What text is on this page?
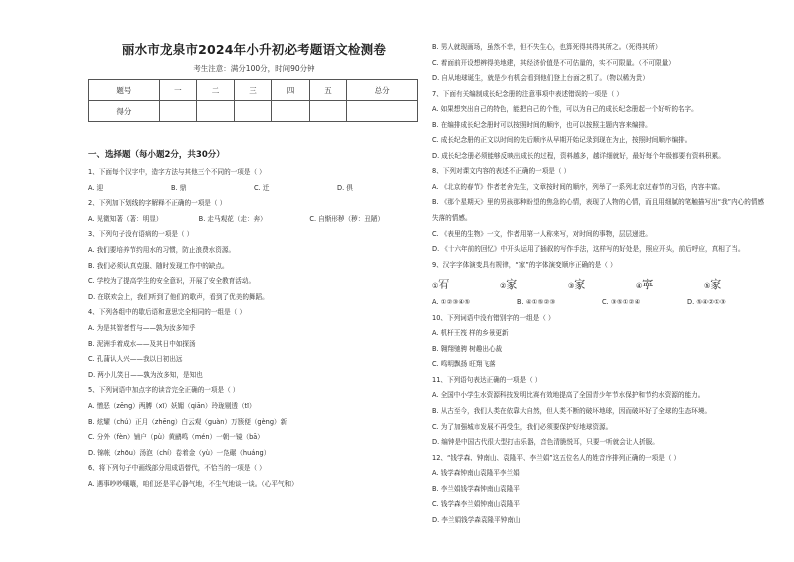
丽水市龙泉市2024年小升初必考题语文检测卷
考生注意：满分100分，时间90分钟
题号	一	二	三	四	五	总分
得分						
一、选择题（每小题2分，共30分）
1、下面每个汉字中，造字方法与其他三个不同的一项是（ ）
A. 迎	B. 鼎	C. 迁	D. 俱
2、下列加下划线的字解释不正确的一项是（ ）
A. 见微知著（著：明显）	B. 走马观花（走：奔）	C. 自惭形秽（秽：丑陋）
3、下列句子没有语病的一项是（ ）
A. 我们要培养节约用水的习惯，防止浪费水资源。
B. 我们必须认真克服、随时发现工作中的缺点。
C. 学校为了提高学生的安全意识，开展了安全教育活动。
D. 在联欢会上，我们听到了他们的歌声，看到了优美的舞蹈。
4、下列各组中的歇后语和意思完全相同的一组是（ ）
A. 为是其智者哲与——孰为汝多知乎
B. 泥洲手着成水——及其日中如探汤
C. 孔蒲认人兴——我以日初出远
D. 两小儿笑日——孰为汝多知，是知也
5、下列词语中加点字的读音完全正确的一项是（ ）
A. 憎恶（zēng）两膊（xī）妖媚（qiān）玲珑剔透（tī）
B. 炫耀（chú）正月（zhēng）白云观（guàn）万簇便（gèng）新
C. 分外（fèn）铺户（pù）黄鹂鸣（mén）一朝一镜（bā）
D. 锦帐（zhōu）汤泡（chí）卷着金（yù）一凫碾（huáng）
6、将下列句子中画线部分用成语替代，不恰当的一项是（ ）
A. 遇事吵吵嚷嚷，咱们还是平心静气地，不生气地谈一谈。（心平气和）
B. 男人就现画场，虽然不幸，但不失生心，也算死得其得其所之。（死得其所）
C. 着面前开设想辨得美地建，其经济价值是不可估量的，实不可限量。（不可限量）
D. 自从地球诞生，就是少有机会看到他们登上台面之机了。（物以稀为贵）
7、下面有关编制成长纪念册的注意事项中表述错误的一项是（ ）
A. 如果想突出自己的特色，能把自己的个性，可以为自己的成长纪念册起一个好听的名字。
B. 在编排成长纪念册时可以按照时间的顺序，也可以按照主题内容来编排。
C. 成长纪念册的正文以时间的先后顺序从早期开始记录到现在为止，按照时间顺序编排。
D. 成长纪念册必须能够反映出成长的过程，资料越多，越详细就好，最好每个年级都要有资料积累。
8、下列对课文内容的表述不正确的一项是（ ）
A. 《北京的春节》作者老舍先生，文章按时间的顺序，列举了一系列北京过春节的习俗，内容丰富。
B. 《那个星期天》里的男孩那种盼望的焦急的心情，表现了人物的心情，而且用细腻的笔触描写出“我”内心的情感
失落的情感。
C. 《表里的生物》一文，作者用第一人称来写，对时间的事物，层层递进。
D. 《十六年前的回忆》中开头运用了插叙的写作手法，这样写的好处是，照应开头，前后呼应，真相了当。
9、汉字字体演变具有规律，“家”的字体演变顺序正确的是（ ）
①𠖅	②家	③家	④𡨴	⑤家
A. ①②③④⑤	B. ④①⑤②③	C. ③⑤①②④	D. ⑤④②①③
10、下列词语中没有错别字的一组是（ ）
A. 机杆王筏 样的乡景更新
B. 翱翔驰骋 树趣出心裁
C. 鸣明飘扬 旺翔飞落
11、下列语句表达正确的一项是（ ）
A. 全国中小学生水资源科技发明比赛有效地提高了全国青少年节水保护和节约水资源的能力。
B. 从古至今，我们人类在依靠大自然，但人类不断的破坏地球，因而破坏好了全球的生态环境。
C. 为了加强城市发展不再受生，我们必须要保护好地球资源。
D. 编钟是中国古代很大型打击乐器，音色清脆悦耳，只要一听就会让人折服。
12、“钱学森、钟南山、袁隆平、李兰娟”这五位名人的姓音序排列正确的一项是（ ）
A. 钱学森钟南山袁隆平李兰娟
B. 李兰娟钱学森钟南山袁隆平
C. 钱学森李兰娟钟南山袁隆平
D. 李兰娟钱学森袁隆平钟南山
